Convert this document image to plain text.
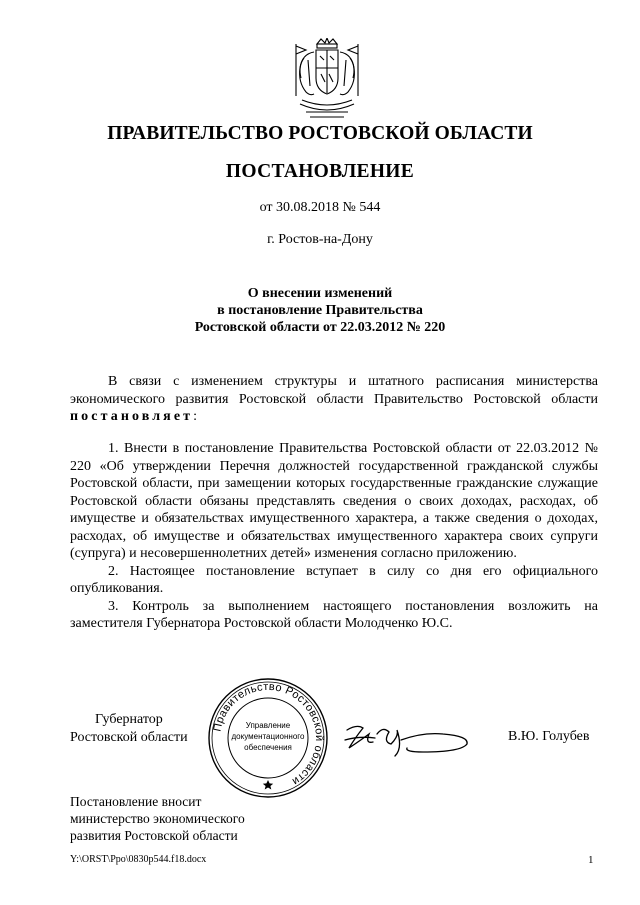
ПРАВИТЕЛЬСТВО РОСТОВСКОЙ ОБЛАСТИ
ПОСТАНОВЛЕНИЕ
от 30.08.2018 № 544
г. Ростов-на-Дону
О внесении изменений
в постановление Правительства
Ростовской области от 22.03.2012 № 220

В связи с изменением структуры и штатного расписания министерства экономического развития Ростовской области Правительство Ростовской области постановляет:

1. Внести в постановление Правительства Ростовской области от 22.03.2012 № 220 «Об утверждении Перечня должностей государственной гражданской службы Ростовской области, при замещении которых государственные гражданские служащие Ростовской области обязаны представлять сведения о своих доходах, расходах, об имуществе и обязательствах имущественного характера, а также сведения о доходах, расходах, об имуществе и обязательствах имущественного характера своих супруги (супруга) и несовершеннолетних детей» изменения согласно приложению.

2. Настоящее постановление вступает в силу со дня его официального опубликования.

3. Контроль за выполнением настоящего постановления возложить на заместителя Губернатора Ростовской области Молодченко Ю.С.

Губернатор
Ростовской области
Правительство Ростовской области
Управление
документационного
обеспечения
В.Ю. Голубев
Постановление вносит
министерство экономического
развития Ростовской области
Y:\ORST\Ppo\0830p544.f18.docx	1
